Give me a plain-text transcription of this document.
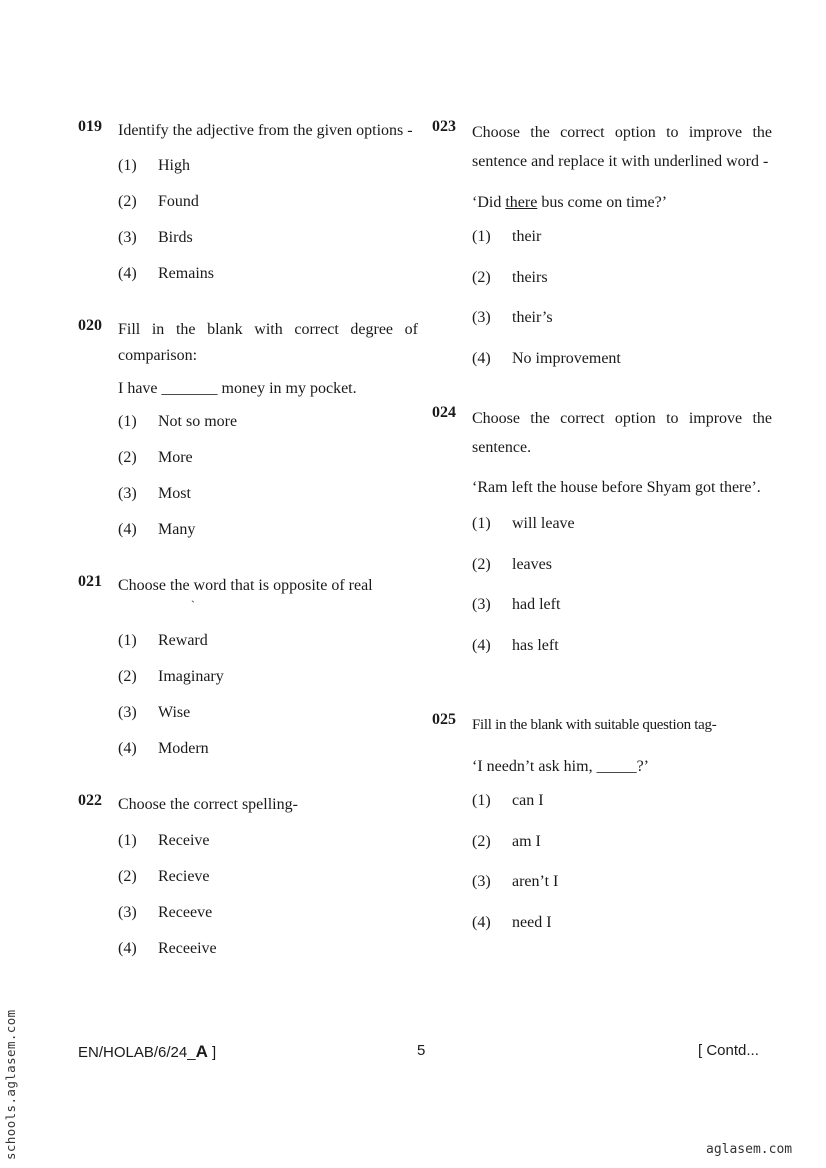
019 Identify the adjective from the given options -
(1)	High
(2)	Found
(3)	Birds
(4)	Remains
020 Fill in the blank with correct degree of comparison:
I have _______ money in my pocket.
(1)	Not so more
(2)	More
(3)	Most
(4)	Many
021 Choose the word that is opposite of real
`
(1)	Reward
(2)	Imaginary
(3)	Wise
(4)	Modern
022 Choose the correct spelling-
(1)	Receive
(2)	Recieve
(3)	Receeve
(4)	Receeive
023 Choose the correct option to improve the sentence and replace it with underlined word -
‘Did there bus come on time?’
(1)	their
(2)	theirs
(3)	their’s
(4)	No improvement
024 Choose the correct option to improve the sentence.
‘Ram left the house before Shyam got there’.
(1)	will leave
(2)	leaves
(3)	had left
(4)	has left
025 Fill in the blank with suitable question tag-
‘I needn’t ask him, _____?’
(1)	can I
(2)	am I
(3)	aren’t I
(4)	need I
EN/HOLAB/6/24_A ]	5	[ Contd...
schools.aglasem.com	aglasem.com
